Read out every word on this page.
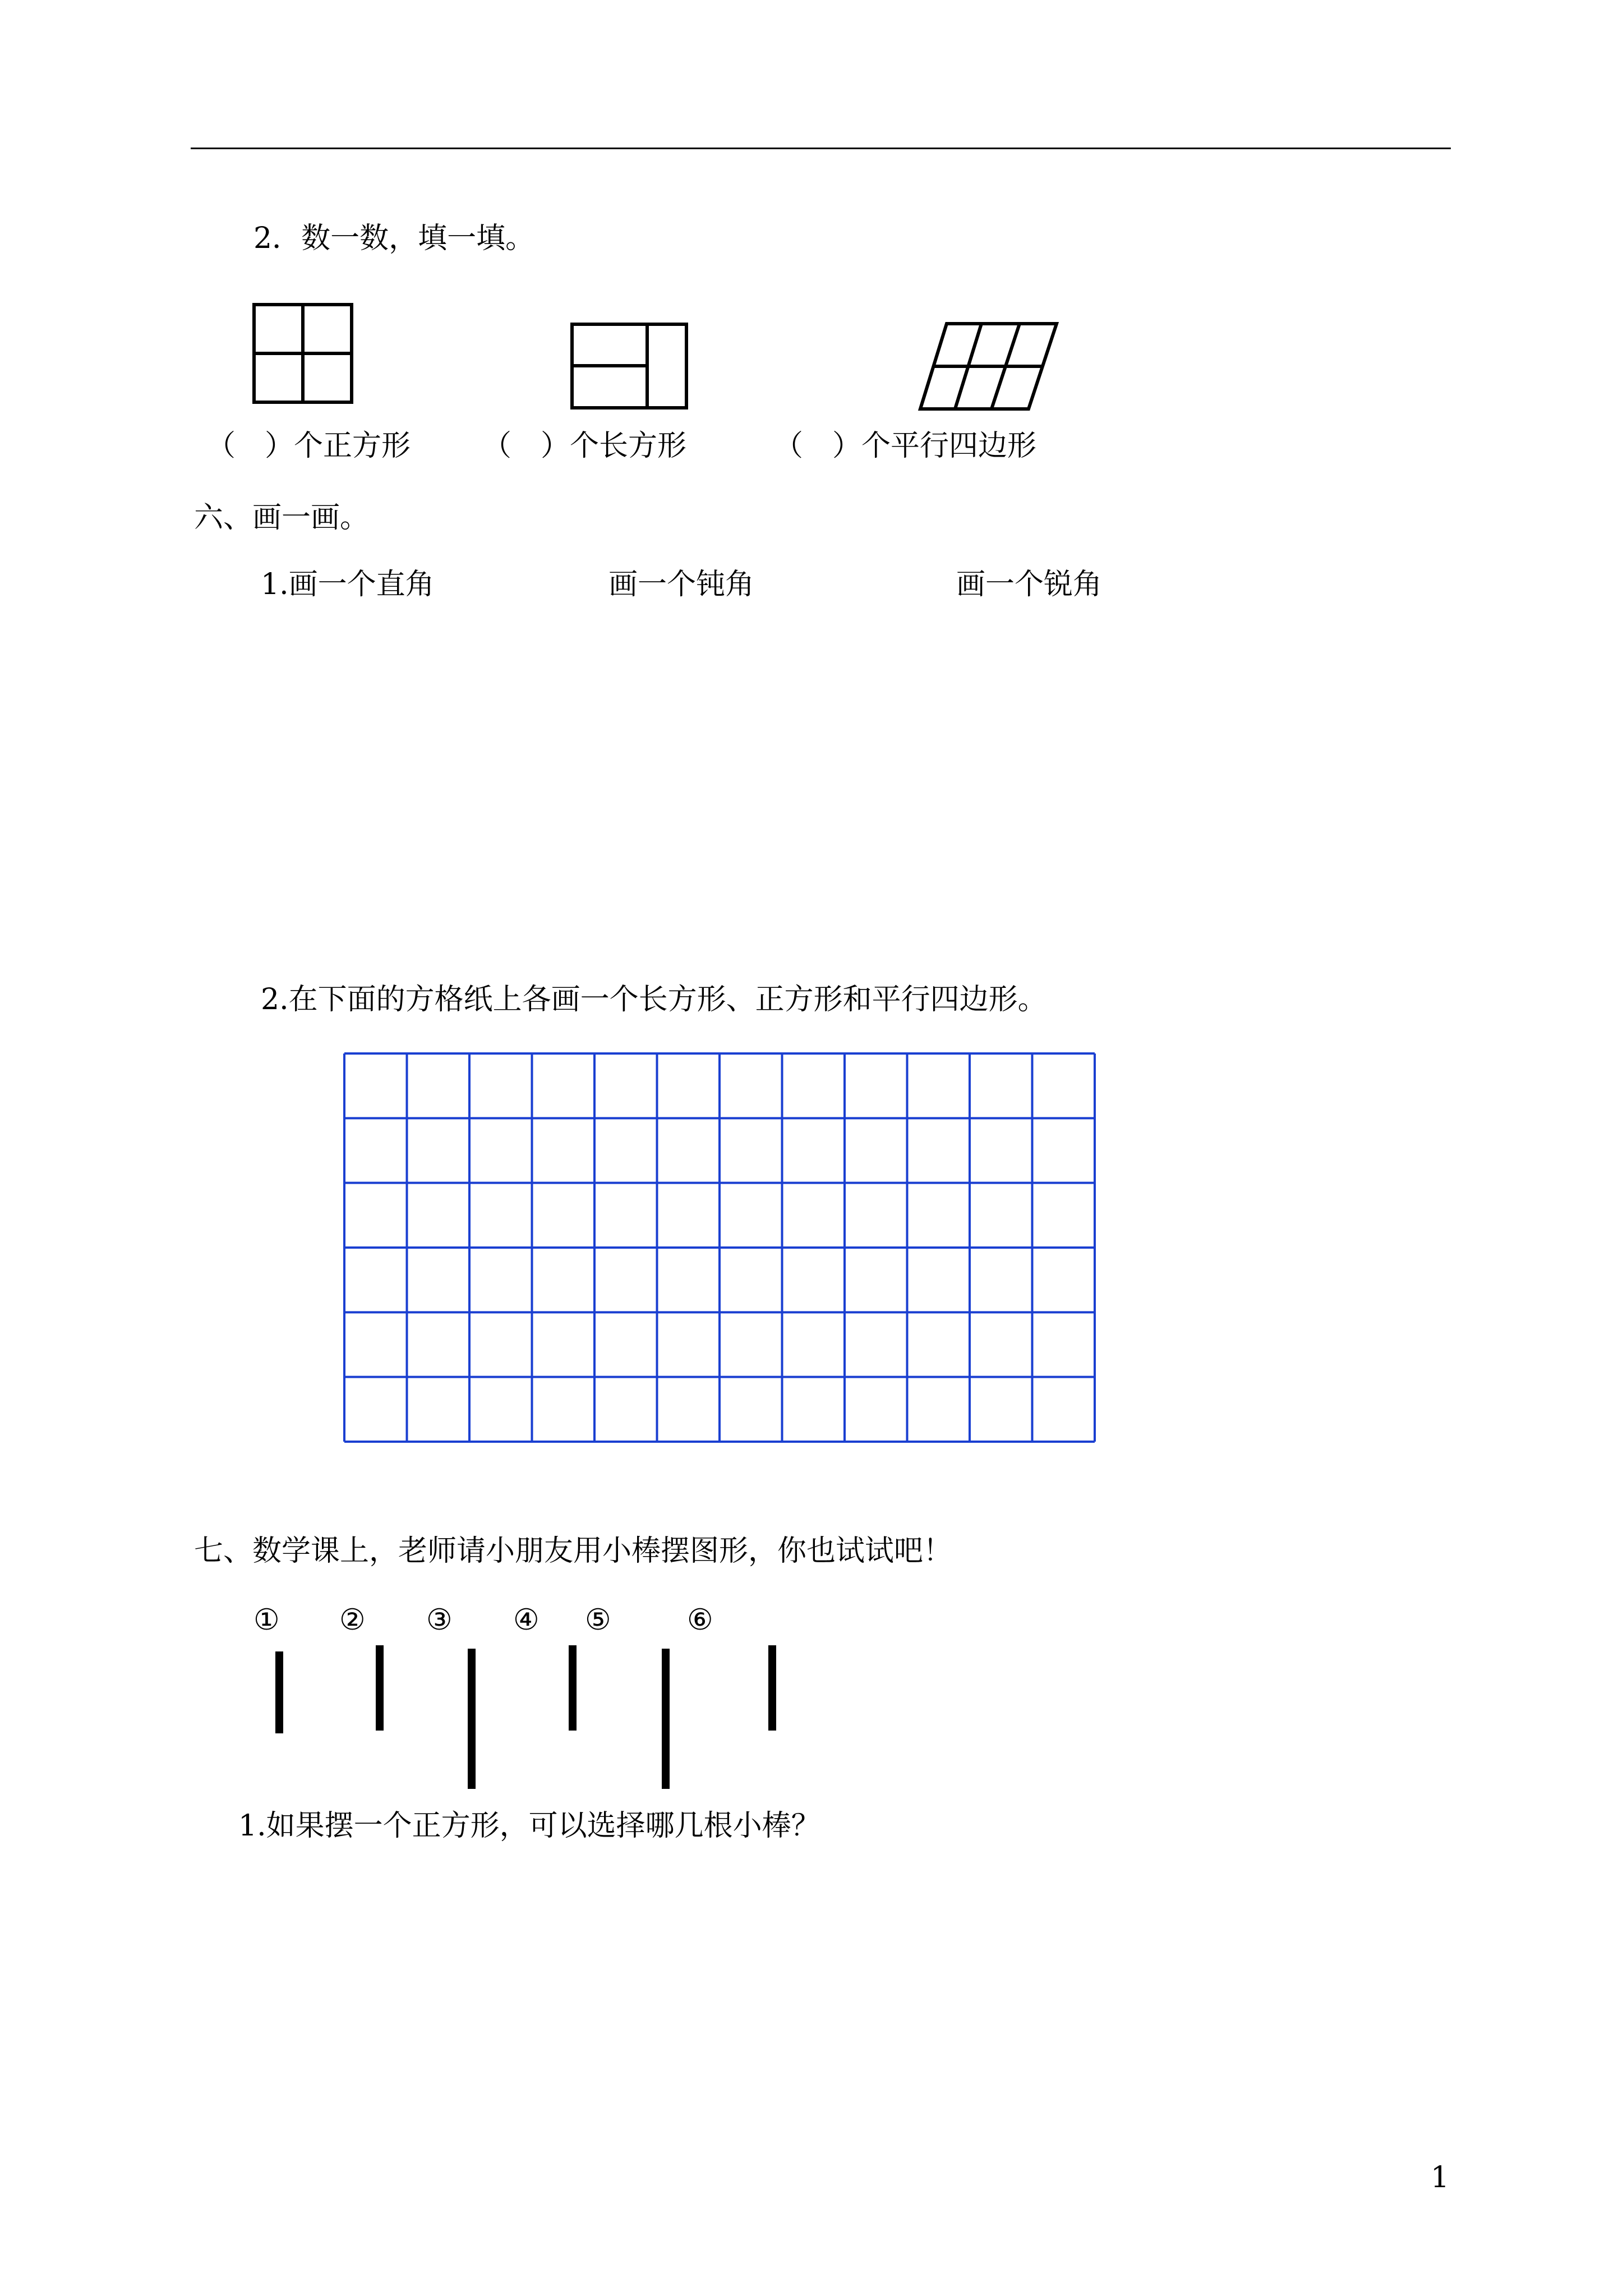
2．数一数，填一填。
（　）个正方形 （　）个长方形	（　）个平行四边形
六、画一画。
1.画一个直角	画一个钝角	画一个锐角
2.在下面的方格纸上各画一个长方形、正方形和平行四边形。
七、数学课上，老师请小朋友用小棒摆图形，你也试试吧！
① ② ③ ④ ⑤	⑥
1.如果摆一个正方形，可以选择哪几根小棒？
1
